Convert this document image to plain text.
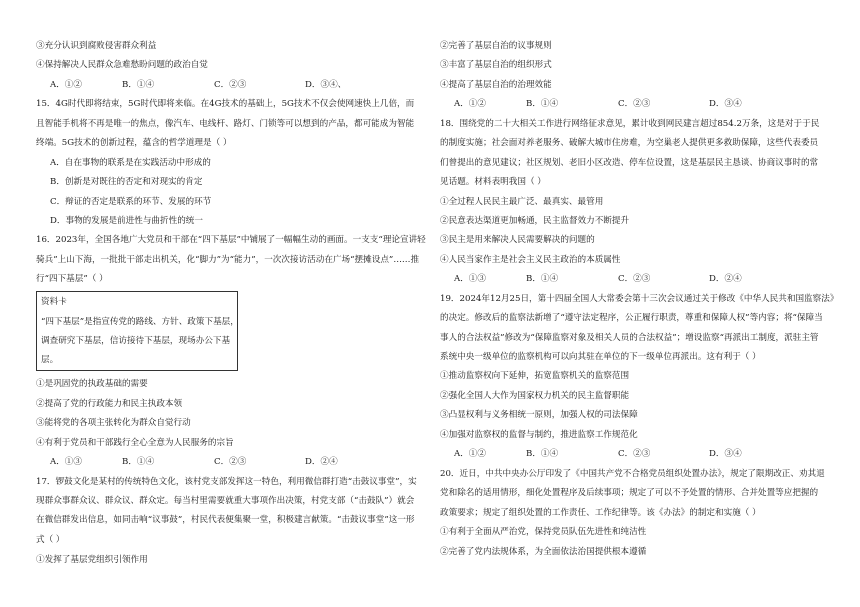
③充分认识到腐败侵害群众利益
④保持解决人民群众急难愁盼问题的政治自觉
A．①②	B．①④	C．②③	D．③④、
15．4G时代即将结束，5G时代即将来临。在4G技术的基础上，5G技术不仅会使网速快上几倍，而
且智能手机将不再是唯一的焦点，像汽车、电线杆、路灯、门锁等可以想到的产品，都可能成为智能
终端。5G技术的创新过程，蕴含的哲学道理是（ ）
A．自在事物的联系是在实践活动中形成的
B．创新是对既往的否定和对现实的肯定
C．辩证的否定是联系的环节、发展的环节
D．事物的发展是前进性与曲折性的统一
16．2023年，全国各地广大党员和干部在“四下基层”中铺展了一幅幅生动的画面。一支支“理论宣讲轻
骑兵”上山下海，一批批干部走出机关，化“脚力”为“能力”，一次次接访活动在广场“摆摊设点”……推
行“四下基层”（ ）
资料卡
“四下基层”是指宣传党的路线、方针、政策下基层，
调查研究下基层，信访接待下基层，现场办公下基
层。
①是巩固党的执政基础的需要
②提高了党的行政能力和民主执政本领
③能将党的各项主张转化为群众自觉行动
④有利于党员和干部践行全心全意为人民服务的宗旨
A．①③	B．①④	C．②③	D．②④
17．锣鼓文化是某村的传统特色文化，该村党支部发挥这一特色，利用微信群打造“击鼓议事堂”，实
现群众事群众议、群众议、群众定。每当村里需要就重大事项作出决策，村党支部（“击鼓队”）就会
在微信群发出信息，如同击响“议事鼓”，村民代表便集聚一堂，积极建言献策。“击鼓议事堂”这一形
式（ ）
①发挥了基层党组织引领作用
②完善了基层自治的议事规则
③丰富了基层自治的组织形式
④提高了基层自治的治理效能
A．①②	B．①④	C．②③	D．③④
18．围绕党的二十大相关工作进行网络征求意见，累计收到网民建言超过854.2万条，这是对于于民
的制度实施；社会面对养老服务、破解大城市住房难，为空巢老人提供更多救助保障，这些代表委员
们曾提出的意见建议；社区规划、老旧小区改造、停车位设置，这是基层民主恳谈、协商议事时的常
见话题。材料表明我国（ ）
①全过程人民民主最广泛、最真实、最管用
②民意表达渠道更加畅通，民主监督效力不断提升
③民主是用来解决人民需要解决的问题的
④人民当家作主是社会主义民主政治的本质属性
A．①③	B．①④	C．②③	D．②④
19．2024年12月25日，第十四届全国人大常委会第十三次会议通过关于修改《中华人民共和国监察法》
的决定。修改后的监察法新增了“遵守法定程序，公正履行职责，尊重和保障人权”等内容；将“保障当
事人的合法权益”修改为“保障监察对象及相关人员的合法权益”；增设监察“再派出工制度，派驻主管
系统中央一级单位的监察机构可以向其驻在单位的下一级单位再派出。这有利于（ ）
①推动监察权向下延伸，拓宽监察机关的监察范围
②强化全国人大作为国家权力机关的民主监督职能
③凸显权利与义务相统一原则，加强人权的司法保障
④加强对监察权的监督与制约，推进监察工作规范化
A．①②	B．①④	C．②③	D．③④
20．近日，中共中央办公厅印发了《中国共产党不合格党员组织处置办法》，规定了限期改正、劝其退
党和除名的适用情形，细化处置程序及后续事项；规定了可以不予处置的情形、合并处置等应把握的
政策要求；规定了组织处置的工作责任、工作纪律等。该《办法》的制定和实施（ ）
①有利于全面从严治党，保持党员队伍先进性和纯洁性
②完善了党内法规体系，为全面依法治国提供根本遵循
